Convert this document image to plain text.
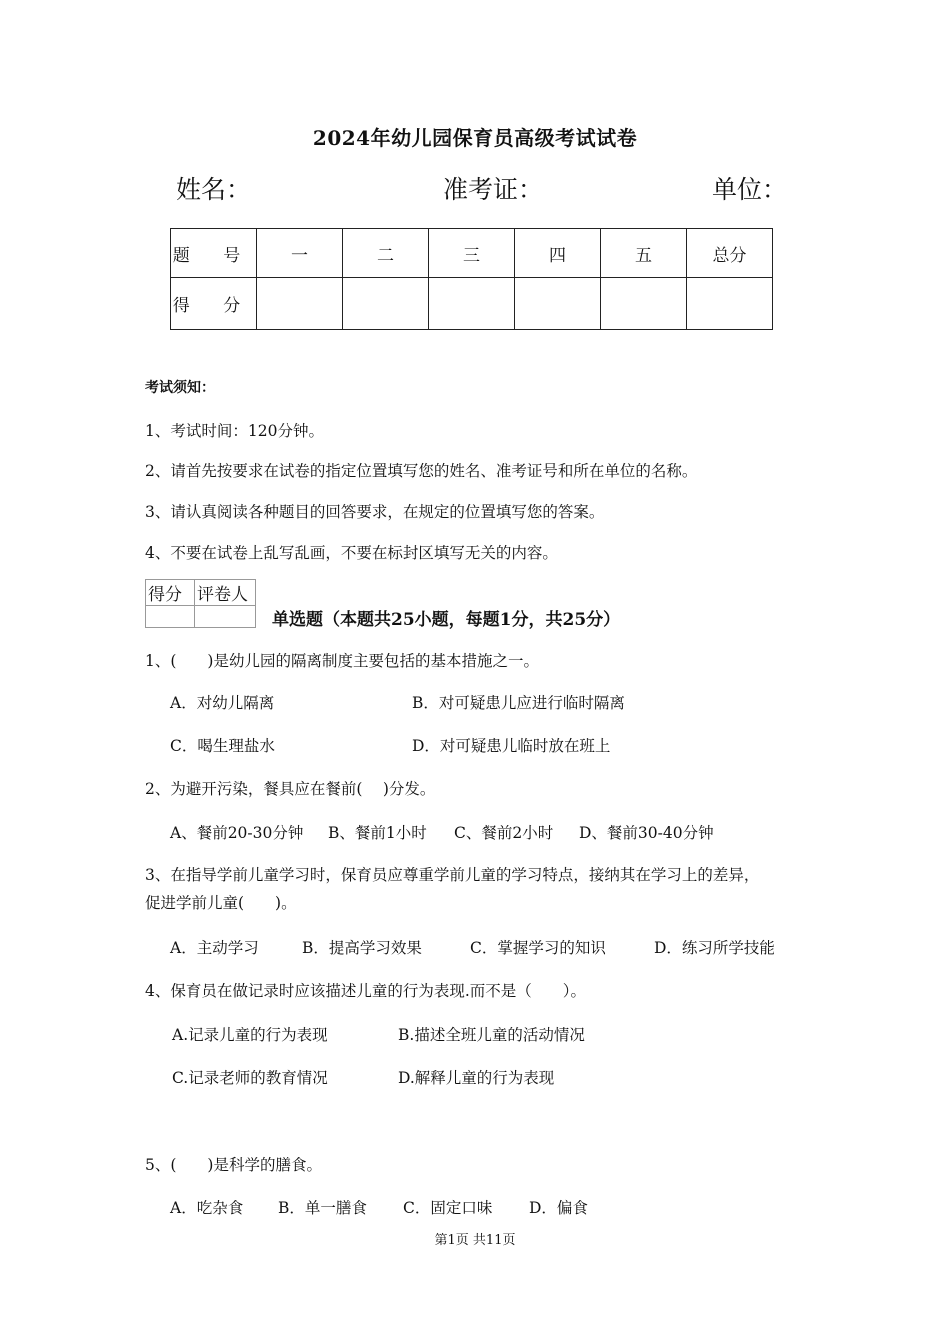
2024年幼儿园保育员高级考试试卷
姓名：	准考证：	单位：
题 号	一	二	三	四	五	总分
得 分						
考试须知：
1、考试时间：120分钟。
2、请首先按要求在试卷的指定位置填写您的姓名、准考证号和所在单位的名称。
3、请认真阅读各种题目的回答要求，在规定的位置填写您的答案。
4、不要在试卷上乱写乱画，不要在标封区填写无关的内容。
得分	评卷人

单选题（本题共25小题，每题1分，共25分）
1、(　　)是幼儿园的隔离制度主要包括的基本措施之一。
A．对幼儿隔离	B．对可疑患儿应进行临时隔离
C．喝生理盐水	D．对可疑患儿临时放在班上
2、为避开污染，餐具应在餐前(　 )分发。
A、餐前20-30分钟 B、餐前1小时 C、餐前2小时 D、餐前30-40分钟
3、在指导学前儿童学习时，保育员应尊重学前儿童的学习特点，接纳其在学习上的差异，
促进学前儿童(　　)。
A．主动学习	B．提高学习效果	C．掌握学习的知识	D．练习所学技能
4、保育员在做记录时应该描述儿童的行为表现.而不是（　　）。
A.记录儿童的行为表现	B.描述全班儿童的活动情况
C.记录老师的教育情况	D.解释儿童的行为表现
5、(　　)是科学的膳食。
A．吃杂食 B．单一膳食 C．固定口味 D．偏食
第1页 共11页
